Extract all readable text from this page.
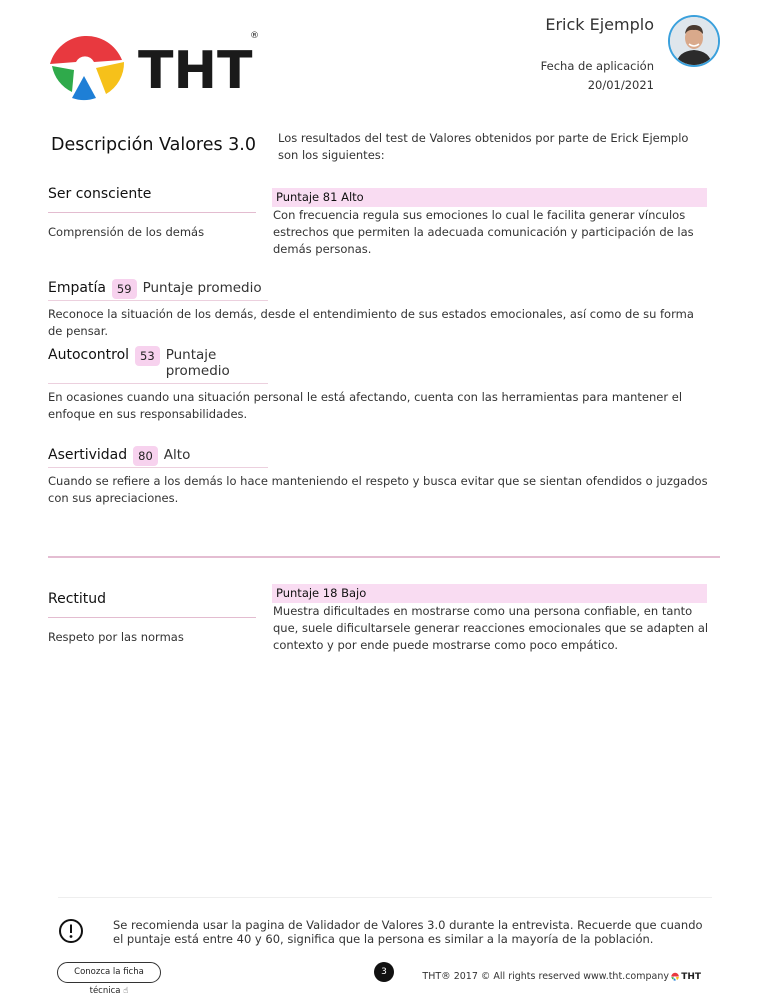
THT
®
Erick Ejemplo
Fecha de aplicación
20/01/2021
Descripción Valores 3.0 Los resultados del test de Valores obtenidos por parte de Erick Ejemplo son los siguientes:
Ser consciente
Comprensión de los demás
Puntaje 81 Alto
Con frecuencia regula sus emociones lo cual le facilita generar vínculos estrechos que permiten la adecuada comunicación y participación de las demás personas.
Empatía 59 Puntaje promedio
Reconoce la situación de los demás, desde el entendimiento de sus estados emocionales, así como de su forma de pensar.
Autocontrol 53 Puntaje promedio
En ocasiones cuando una situación personal le está afectando, cuenta con las herramientas para mantener el enfoque en sus responsabilidades.
Asertividad 80 Alto
Cuando se refiere a los demás lo hace manteniendo el respeto y busca evitar que se sientan ofendidos o juzgados con sus apreciaciones.
Rectitud
Respeto por las normas
Puntaje 18 Bajo
Muestra dificultades en mostrarse como una persona confiable, en tanto que, suele dificultarsele generar reacciones emocionales que se adapten al contexto y por ende puede mostrarse como poco empático.
Se recomienda usar la pagina de Validador de Valores 3.0 durante la entrevista. Recuerde que cuando el puntaje está entre 40 y 60, significa que la persona es similar a la mayoría de la población.
Conozca la ficha técnica ☝
3	THT® 2017 © All rights reserved www.tht.company THT
